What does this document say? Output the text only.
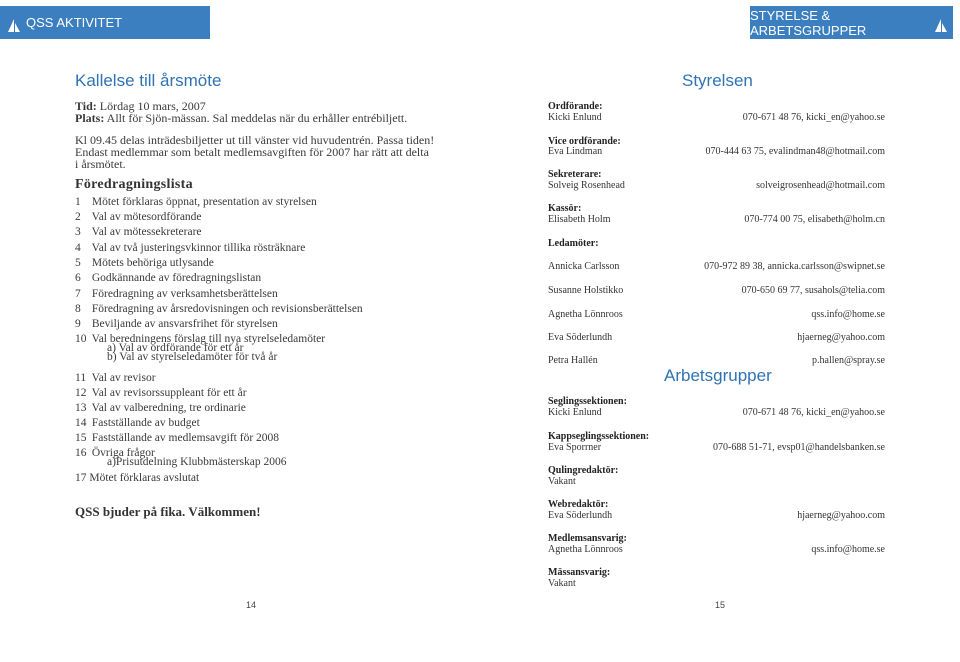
QSS AKTIVITET	STYRELSE & ARBETSGRUPPER
Kallelse till årsmöte
Tid: Lördag 10 mars, 2007
Plats: Allt för Sjön-mässan. Sal meddelas när du erhåller entrébiljett.
Kl 09.45 delas inträdesbiljetter ut till vänster vid huvudentrén. Passa tiden!
Endast medlemmar som betalt medlemsavgiften för 2007 har rätt att delta
i årsmötet.
Föredragningslista
1 Mötet förklaras öppnat, presentation av styrelsen
2 Val av mötesordförande
3 Val av mötessekreterare
4 Val av två justeringsvkinnor tillika rösträknare
5 Mötets behöriga utlysande
6 Godkännande av föredragningslistan
7 Föredragning av verksamhetsberättelsen
8 Föredragning av årsredovisningen och revisionsberättelsen
9 Beviljande av ansvarsfrihet för styrelsen
10 Val beredningens förslag till nya styrelseledamöter
a) Val av ordförande för ett år
b) Val av styrelseledamöter för två år
11 Val av revisor
12 Val av revisorssuppleant för ett år
13 Val av valberedning, tre ordinarie
14 Fastställande av budget
15 Fastställande av medlemsavgift för 2008
16 Övriga frågor
a)Prisutdelning Klubbmästerskap 2006
17 Mötet förklaras avslutat
QSS bjuder på fika. Välkommen!
14
Styrelsen
Ordförande:
Kicki Enlund	070-671 48 76, kicki_en@yahoo.se
Vice ordförande:
Eva Lindman	070-444 63 75, evalindman48@hotmail.com
Sekreterare:
Solveig Rosenhead	solveigrosenhead@hotmail.com
Kassör:
Elisabeth Holm	070-774 00 75, elisabeth@holm.cn
Ledamöter:
Annicka Carlsson	070-972 89 38, annicka.carlsson@swipnet.se
Susanne Holstikko	070-650 69 77, susahols@telia.com
Agnetha Lönnroos	qss.info@home.se
Eva Söderlundh	hjaerneg@yahoo.com
Petra Hallén	p.hallen@spray.se
Arbetsgrupper
Seglingssektionen:
Kicki Enlund	070-671 48 76, kicki_en@yahoo.se
Kappseglingssektionen:
Eva Sporrner	070-688 51-71, evsp01@handelsbanken.se
Qulingredaktör:
Vakant
Webredaktör:
Eva Söderlundh	hjaerneg@yahoo.com
Medlemsansvarig:
Agnetha Lönnroos	qss.info@home.se
Mässansvarig:
Vakant
15
